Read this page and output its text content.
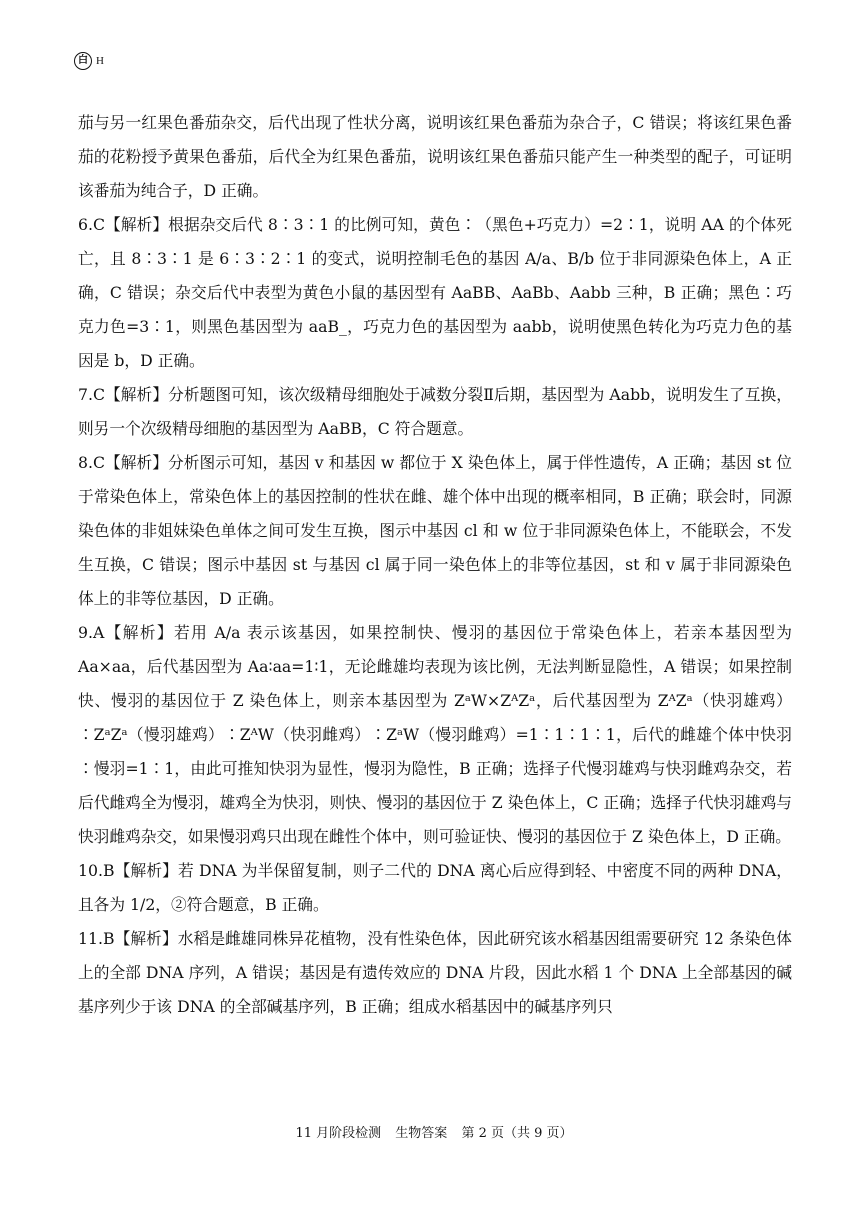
白 H

茄与另一红果色番茄杂交，后代出现了性状分离，说明该红果色番茄为杂合子，C 错误；将该红果色番茄的花粉授予黄果色番茄，后代全为红果色番茄，说明该红果色番茄只能产生一种类型的配子，可证明该番茄为纯合子，D 正确。

6.C【解析】根据杂交后代 8∶3∶1 的比例可知，黄色∶（黑色+巧克力）=2∶1，说明 AA 的个体死亡，且 8∶3∶1 是 6∶3∶2∶1 的变式，说明控制毛色的基因 A/a、B/b 位于非同源染色体上，A 正确，C 错误；杂交后代中表型为黄色小鼠的基因型有 AaBB、AaBb、Aabb 三种，B 正确；黑色∶巧克力色=3∶1，则黑色基因型为 aaB_，巧克力色的基因型为 aabb，说明使黑色转化为巧克力色的基因是 b，D 正确。

7.C【解析】分析题图可知，该次级精母细胞处于减数分裂Ⅱ后期，基因型为 Aabb，说明发生了互换，则另一个次级精母细胞的基因型为 AaBB，C 符合题意。

8.C【解析】分析图示可知，基因 v 和基因 w 都位于 X 染色体上，属于伴性遗传，A 正确；基因 st 位于常染色体上，常染色体上的基因控制的性状在雌、雄个体中出现的概率相同，B 正确；联会时，同源染色体的非姐妹染色单体之间可发生互换，图示中基因 cl 和 w 位于非同源染色体上，不能联会，不发生互换，C 错误；图示中基因 st 与基因 cl 属于同一染色体上的非等位基因，st 和 v 属于非同源染色体上的非等位基因，D 正确。

9.A【解析】若用 A/a 表示该基因，如果控制快、慢羽的基因位于常染色体上，若亲本基因型为 Aa×aa，后代基因型为 Aa∶aa=1∶1，无论雌雄均表现为该比例，无法判断显隐性，A 错误；如果控制快、慢羽的基因位于 Z 染色体上，则亲本基因型为 ZᵃW×ZᴬZᵃ，后代基因型为 ZᴬZᵃ（快羽雄鸡）∶ZᵃZᵃ（慢羽雄鸡）∶ZᴬW（快羽雌鸡）∶ZᵃW（慢羽雌鸡）=1∶1∶1∶1，后代的雌雄个体中快羽∶慢羽=1∶1，由此可推知快羽为显性，慢羽为隐性，B 正确；选择子代慢羽雄鸡与快羽雌鸡杂交，若后代雌鸡全为慢羽，雄鸡全为快羽，则快、慢羽的基因位于 Z 染色体上，C 正确；选择子代快羽雄鸡与快羽雌鸡杂交，如果慢羽鸡只出现在雌性个体中，则可验证快、慢羽的基因位于 Z 染色体上，D 正确。

10.B【解析】若 DNA 为半保留复制，则子二代的 DNA 离心后应得到轻、中密度不同的两种 DNA，且各为 1/2，②符合题意，B 正确。

11.B【解析】水稻是雌雄同株异花植物，没有性染色体，因此研究该水稻基因组需要研究 12 条染色体上的全部 DNA 序列，A 错误；基因是有遗传效应的 DNA 片段，因此水稻 1 个 DNA 上全部基因的碱基序列少于该 DNA 的全部碱基序列，B 正确；组成水稻基因中的碱基序列只

11 月阶段检测 生物答案 第 2 页（共 9 页）
